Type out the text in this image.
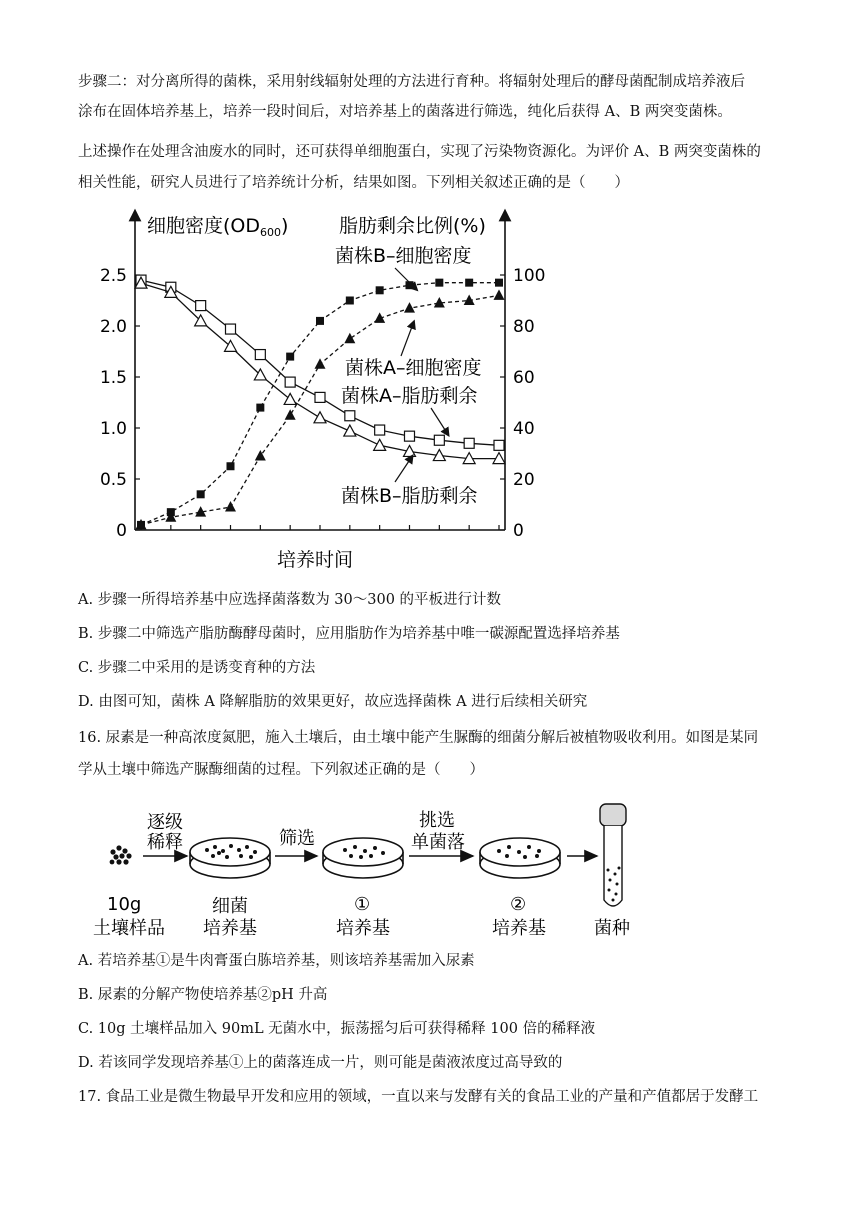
步骤二：对分离所得的菌株，采用射线辐射处理的方法进行育种。将辐射处理后的酵母菌配制成培养液后
涂布在固体培养基上，培养一段时间后，对培养基上的菌落进行筛选，纯化后获得 A、B 两突变菌株。
上述操作在处理含油废水的同时，还可获得单细胞蛋白，实现了污染物资源化。为评价 A、B 两突变菌株的
相关性能，研究人员进行了培养统计分析，结果如图。下列相关叙述正确的是（　　）
2.5
2.0
1.5
1.0
0.5
0
100
80
60
40
20
0
细胞密度$(OD_{600})$	脂肪剩余比例(%)
培养时间
菌株B–细胞密度
菌株A–细胞密度
菌株A–脂肪剩余
菌株B–脂肪剩余
A. 步骤一所得培养基中应选择菌落数为 30～300 的平板进行计数
B. 步骤二中筛选产脂肪酶酵母菌时，应用脂肪作为培养基中唯一碳源配置选择培养基
C. 步骤二中采用的是诱变育种的方法
D. 由图可知，菌株 A 降解脂肪的效果更好，故应选择菌株 A 进行后续相关研究
16. 尿素是一种高浓度氮肥，施入土壤后，由土壤中能产生脲酶的细菌分解后被植物吸收利用。如图是某同
学从土壤中筛选产脲酶细菌的过程。下列叙述正确的是（　　）
10g
土壤样品
逐级
稀释
细菌
培养基
筛选
①
培养基
挑选
单菌落
②
培养基	菌种
A. 若培养基①是牛肉膏蛋白胨培养基，则该培养基需加入尿素
B. 尿素的分解产物使培养基②pH 升高
C. 10g 土壤样品加入 90mL 无菌水中，振荡摇匀后可获得稀释 100 倍的稀释液
D. 若该同学发现培养基①上的菌落连成一片，则可能是菌液浓度过高导致的
17. 食品工业是微生物最早开发和应用的领域，一直以来与发酵有关的食品工业的产量和产值都居于发酵工
